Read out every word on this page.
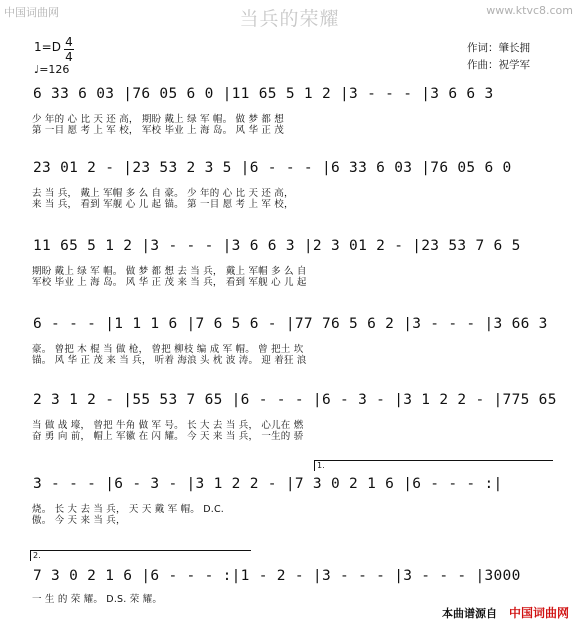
中国词曲网	www.ktvc8.com
当兵的荣耀
1=D 4
4
♩=126
作词：肇长拥
作曲：祝学军
6 33 6 03 |76 05 6 0 |11 65 5 1 2 |3 - - - |3 6 6 3
少 年的 心 比 天 还 高， 期盼 戴上 绿 军 帽。 做 梦 都 想
第 一目 愿 考 上 军 校， 军校 毕业 上 海 岛。 风 华 正 茂
23 01 2 - |23 53 2 3 5 |6 - - - |6 33 6 03 |76 05 6 0
去 当 兵， 戴上 军帽 多 么 自 豪。 少 年的 心 比 天 还 高，
来 当 兵， 看到 军舰 心 儿 起 锚。 第 一目 愿 考 上 军 校，
11 65 5 1 2 |3 - - - |3 6 6 3 |2 3 01 2 - |23 53 7 6 5
期盼 戴上 绿 军 帽。 做 梦 都 想 去 当 兵， 戴上 军帽 多 么 自
军校 毕业 上 海 岛。 风 华 正 茂 来 当 兵， 看到 军舰 心 儿 起
6 - - - |1 1 1 6 |7 6 5 6 - |77 76 5 6 2 |3 - - - |3 66 3
豪。 曾把 木 棍 当 做 枪， 曾把 柳枝 编 成 军 帽。 曾 把土 坎
锚。 风 华 正 茂 来 当 兵， 听着 海浪 头 枕 波 涛。 迎 着狂 浪
2 3 1 2 - |55 53 7 65 |6 - - - |6 - 3 - |3 1 2 2 - |775 65
当 做 战 壕， 曾把 牛角 做 军 号。 长 大 去 当 兵， 心儿在 燃
奋 勇 向 前， 帽上 军徽 在 闪 耀。 今 天 来 当 兵， 一生的 骄
1.
3 - - - |6 - 3 - |3 1 2 2 - |7 3 0 2 1 6 |6 - - - :|
烧。 长 大 去 当 兵， 天 天 戴 军 帽。 D.C.
傲。 今 天 来 当 兵，
2.
7 3 0 2 1 6 |6 - - - :|1 - 2 - |3 - - - |3 - - - |3000
一 生 的 荣 耀。 D.S. 荣 耀。
本曲谱源自 中国词曲网
